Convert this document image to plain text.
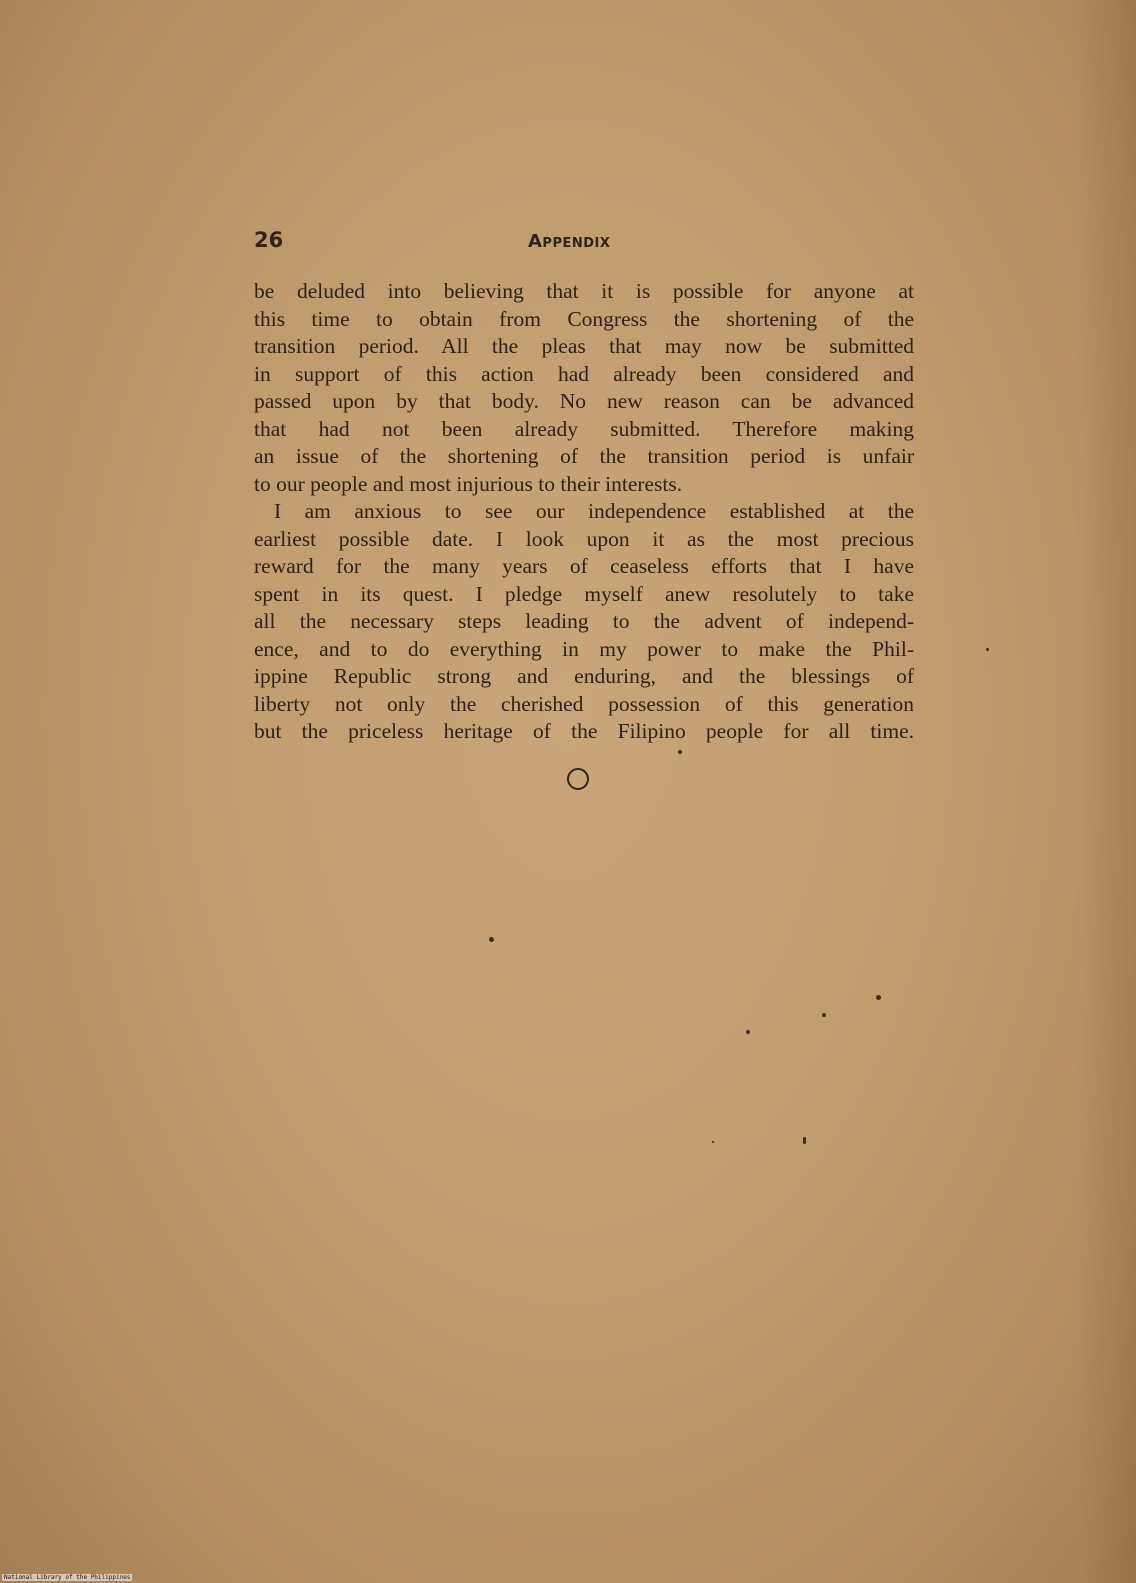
26	Appendix

be deluded into believing that it is possible for anyone at
this time to obtain from Congress the shortening of the
transition period. All the pleas that may now be submitted
in support of this action had already been considered and
passed upon by that body. No new reason can be advanced
that had not been already submitted. Therefore making
an issue of the shortening of the transition period is unfair
to our people and most injurious to their interests.

I am anxious to see our independence established at the
earliest possible date. I look upon it as the most precious
reward for the many years of ceaseless efforts that I have
spent in its quest. I pledge myself anew resolutely to take
all the necessary steps leading to the advent of independ-
ence, and to do everything in my power to make the Phil-
ippine Republic strong and enduring, and the blessings of
liberty not only the cherished possession of this generation
but the priceless heritage of the Filipino people for all time.

National Library of the Philippines
